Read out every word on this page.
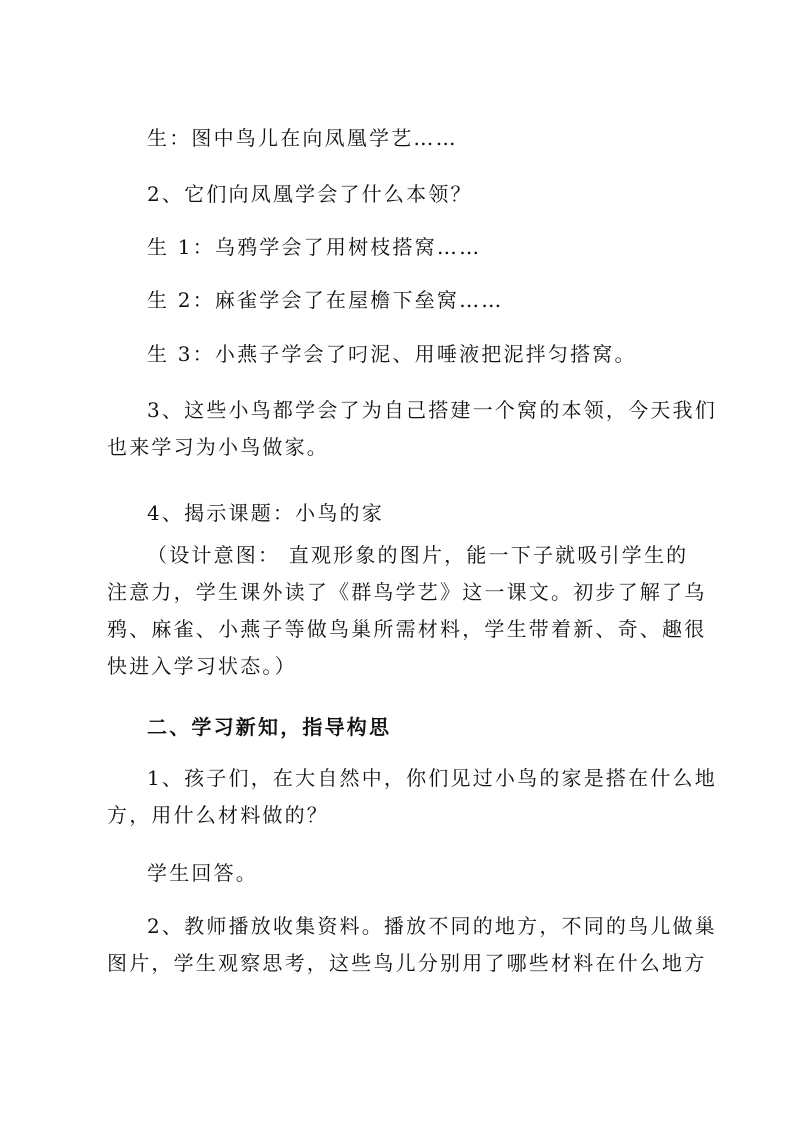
生：图中鸟儿在向凤凰学艺……

2、它们向凤凰学会了什么本领？

生 1：乌鸦学会了用树枝搭窝……

生 2：麻雀学会了在屋檐下垒窝……

生 3：小燕子学会了叼泥、用唾液把泥拌匀搭窝。

3、这些小鸟都学会了为自己搭建一个窝的本领，今天我们
也来学习为小鸟做家。

4、揭示课题：小鸟的家

（设计意图： 直观形象的图片，能一下子就吸引学生的
注意力，学生课外读了《群鸟学艺》这一课文。初步了解了乌
鸦、麻雀、小燕子等做鸟巢所需材料，学生带着新、奇、趣很
快进入学习状态。）

二、学习新知，指导构思

1、孩子们，在大自然中，你们见过小鸟的家是搭在什么地
方，用什么材料做的？

学生回答。

2、教师播放收集资料。播放不同的地方，不同的鸟儿做巢
图片，学生观察思考，这些鸟儿分别用了哪些材料在什么地方
